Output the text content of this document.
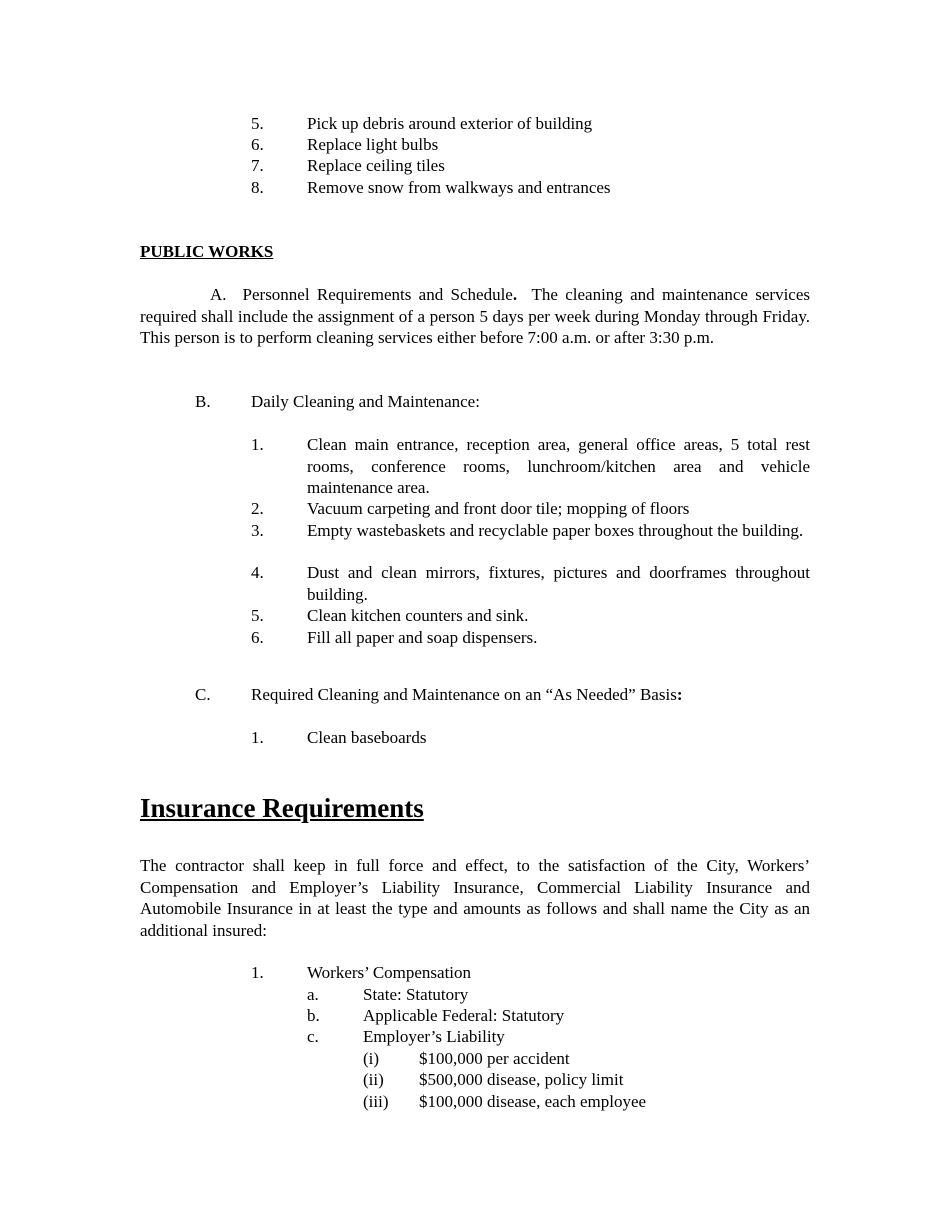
5.	Pick up debris around exterior of building
6.	Replace light bulbs
7.	Replace ceiling tiles
8.	Remove snow from walkways and entrances
PUBLIC WORKS
A. Personnel Requirements and Schedule. The cleaning and maintenance services required shall include the assignment of a person 5 days per week during Monday through Friday. This person is to perform cleaning services either before 7:00 a.m. or after 3:30 p.m.
B. Daily Cleaning and Maintenance:
1.	Clean main entrance, reception area, general office areas, 5 total rest rooms, conference rooms, lunchroom/kitchen area and vehicle maintenance area.
2.	Vacuum carpeting and front door tile; mopping of floors
3.	Empty wastebaskets and recyclable paper boxes throughout the building.
4.	Dust and clean mirrors, fixtures, pictures and doorframes throughout building.
5.	Clean kitchen counters and sink.
6.	Fill all paper and soap dispensers.
C. Required Cleaning and Maintenance on an “As Needed” Basis:
1.	Clean baseboards
Insurance Requirements
The contractor shall keep in full force and effect, to the satisfaction of the City, Workers’ Compensation and Employer’s Liability Insurance, Commercial Liability Insurance and Automobile Insurance in at least the type and amounts as follows and shall name the City as an additional insured:
1.	Workers’ Compensation
a.	State: Statutory
b.	Applicable Federal: Statutory
c.	Employer’s Liability
(i) $100,000 per accident
(ii) $500,000 disease, policy limit
(iii) $100,000 disease, each employee
